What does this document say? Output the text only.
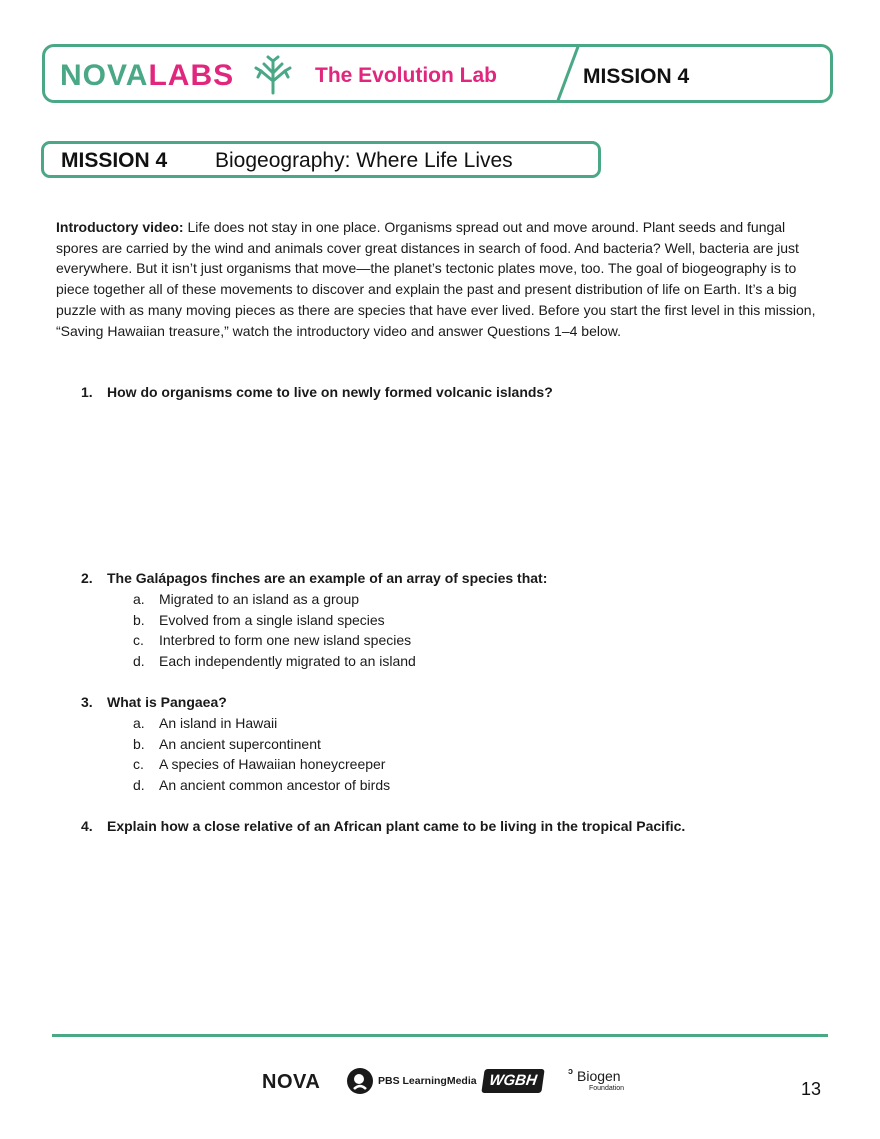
NOVALABS	The Evolution Lab	MISSION 4
MISSION 4 Biogeography: Where Life Lives

Introductory video: Life does not stay in one place. Organisms spread out and move around. Plant seeds and fungal spores are carried by the wind and animals cover great distances in search of food. And bacteria? Well, bacteria are just everywhere. But it isn’t just organisms that move—the planet’s tectonic plates move, too. The goal of biogeography is to piece together all of these movements to discover and explain the past and present distribution of life on Earth. It’s a big puzzle with as many moving pieces as there are species that have ever lived. Before you start the first level in this mission, “Saving Hawaiian treasure,” watch the introductory video and answer Questions 1–4 below.

1. How do organisms come to live on newly formed volcanic islands?
2. The Galápagos finches are an example of an array of species that:
a. Migrated to an island as a group
b. Evolved from a single island species
c. Interbred to form one new island species
d. Each independently migrated to an island
3. What is Pangaea?
a. An island in Hawaii
b. An ancient supercontinent
c. A species of Hawaiian honeycreeper
d. An ancient common ancestor of birds
4. Explain how a close relative of an African plant came to be living in the tropical Pacific.
NOVA	PBS LearningMedia WGBH	ᵓ Biogen
Foundation	13
